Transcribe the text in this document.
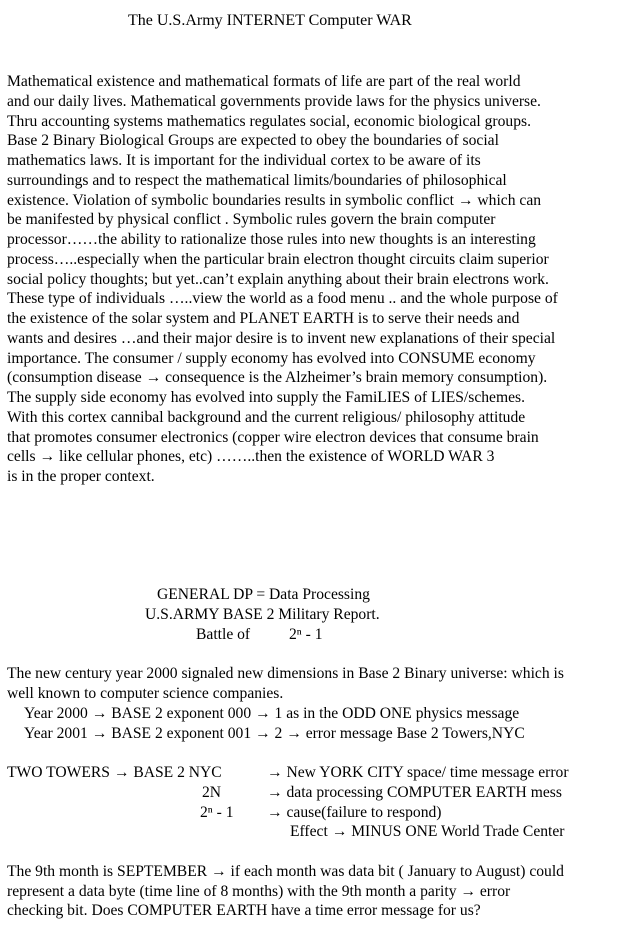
The U.S.Army INTERNET Computer WAR
Mathematical existence and mathematical formats of life are part of the real world
and our daily lives. Mathematical governments provide laws for the physics universe.
Thru accounting systems mathematics regulates social, economic biological groups.
Base 2 Binary Biological Groups are expected to obey the boundaries of social
mathematics laws. It is important for the individual cortex to be aware of its
surroundings and to respect the mathematical limits/boundaries of philosophical
existence. Violation of symbolic boundaries results in symbolic conflict → which can
be manifested by physical conflict . Symbolic rules govern the brain computer
processor……the ability to rationalize those rules into new thoughts is an interesting
process…..especially when the particular brain electron thought circuits claim superior
social policy thoughts; but yet..can’t explain anything about their brain electrons work.
These type of individuals …..view the world as a food menu .. and the whole purpose of
the existence of the solar system and PLANET EARTH is to serve their needs and
wants and desires …and their major desire is to invent new explanations of their special
importance. The consumer / supply economy has evolved into CONSUME economy
(consumption disease → consequence is the Alzheimer’s brain memory consumption).
The supply side economy has evolved into supply the FamiLIES of LIES/schemes.
With this cortex cannibal background and the current religious/ philosophy attitude
that promotes consumer electronics (copper wire electron devices that consume brain
cells → like cellular phones, etc) ……..then the existence of WORLD WAR 3
is in the proper context.
GENERAL DP = Data Processing
U.S.ARMY BASE 2 Military Report.
Battle of 2ⁿ - 1
The new century year 2000 signaled new dimensions in Base 2 Binary universe: which is
well known to computer science companies.
Year 2000 → BASE 2 exponent 000 → 1 as in the ODD ONE physics message
Year 2001 → BASE 2 exponent 001 → 2 → error message Base 2 Towers,NYC
TWO TOWERS → BASE 2 NYC	→ New YORK CITY space/ time message error
2N	→ data processing COMPUTER EARTH mess
2ⁿ - 1 → cause(failure to respond)
Effect → MINUS ONE World Trade Center
The 9th month is SEPTEMBER → if each month was data bit ( January to August) could
represent a data byte (time line of 8 months) with the 9th month a parity → error
checking bit. Does COMPUTER EARTH have a time error message for us?
